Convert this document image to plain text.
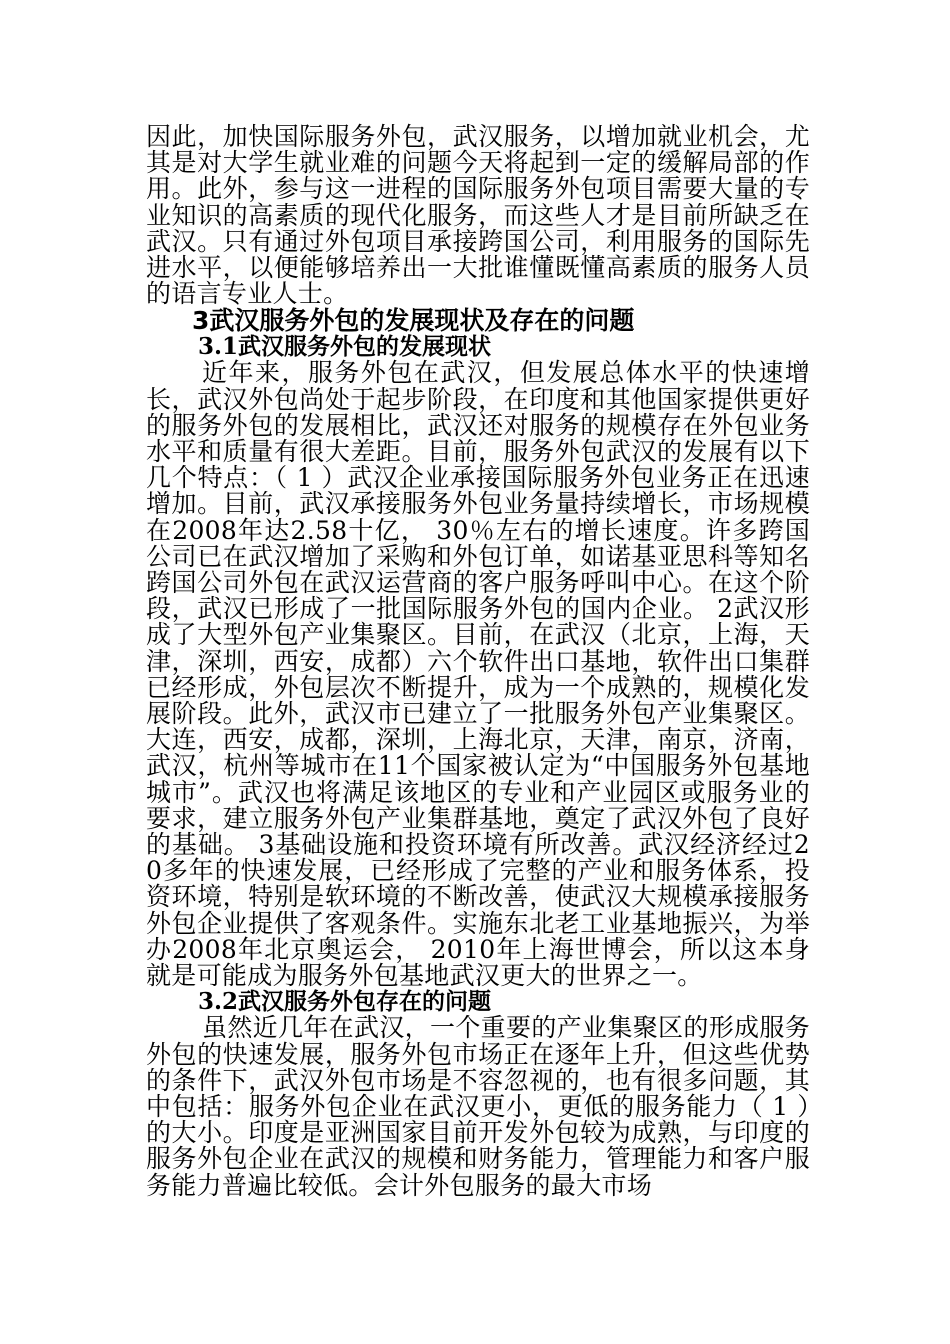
因此，加快国际服务外包，武汉服务，以增加就业机会，尤其是对大学生就业难的问题今天将起到一定的缓解局部的作用。此外，参与这一进程的国际服务外包项目需要大量的专业知识的高素质的现代化服务，而这些人才是目前所缺乏在武汉。只有通过外包项目承接跨国公司，利用服务的国际先进水平，以便能够培养出一大批谁懂既懂高素质的服务人员的语言专业人士。

3武汉服务外包的发展现状及存在的问题
3.1武汉服务外包的发展现状

近年来，服务外包在武汉，但发展总体水平的快速增长，武汉外包尚处于起步阶段，在印度和其他国家提供更好的服务外包的发展相比，武汉还对服务的规模存在外包业务水平和质量有很大差距。目前，服务外包武汉的发展有以下几个特点：（ 1 ）武汉企业承接国际服务外包业务正在迅速增加。目前，武汉承接服务外包业务量持续增长，市场规模在2008年达2.58十亿， 30％左右的增长速度。许多跨国公司已在武汉增加了采购和外包订单，如诺基亚思科等知名跨国公司外包在武汉运营商的客户服务呼叫中心。在这个阶段，武汉已形成了一批国际服务外包的国内企业。 2武汉形成了大型外包产业集聚区。目前，在武汉（北京，上海，天津，深圳，西安，成都）六个软件出口基地，软件出口集群已经形成，外包层次不断提升，成为一个成熟的，规模化发展阶段。此外，武汉市已建立了一批服务外包产业集聚区。大连，西安，成都，深圳，上海北京，天津，南京，济南，武汉，杭州等城市在11个国家被认定为“中国服务外包基地城市”。武汉也将满足该地区的专业和产业园区或服务业的要求，建立服务外包产业集群基地，奠定了武汉外包了良好的基础。 3基础设施和投资环境有所改善。武汉经济经过20多年的快速发展，已经形成了完整的产业和服务体系，投资环境，特别是软环境的不断改善，使武汉大规模承接服务外包企业提供了客观条件。实施东北老工业基地振兴，为举办2008年北京奥运会， 2010年上海世博会，所以这本身就是可能成为服务外包基地武汉更大的世界之一。

3.2武汉服务外包存在的问题

虽然近几年在武汉，一个重要的产业集聚区的形成服务外包的快速发展，服务外包市场正在逐年上升，但这些优势的条件下，武汉外包市场是不容忽视的，也有很多问题，其中包括：服务外包企业在武汉更小，更低的服务能力（ 1 ）的大小。印度是亚洲国家目前开发外包较为成熟，与印度的服务外包企业在武汉的规模和财务能力，管理能力和客户服务能力普遍比较低。会计外包服务的最大市场
